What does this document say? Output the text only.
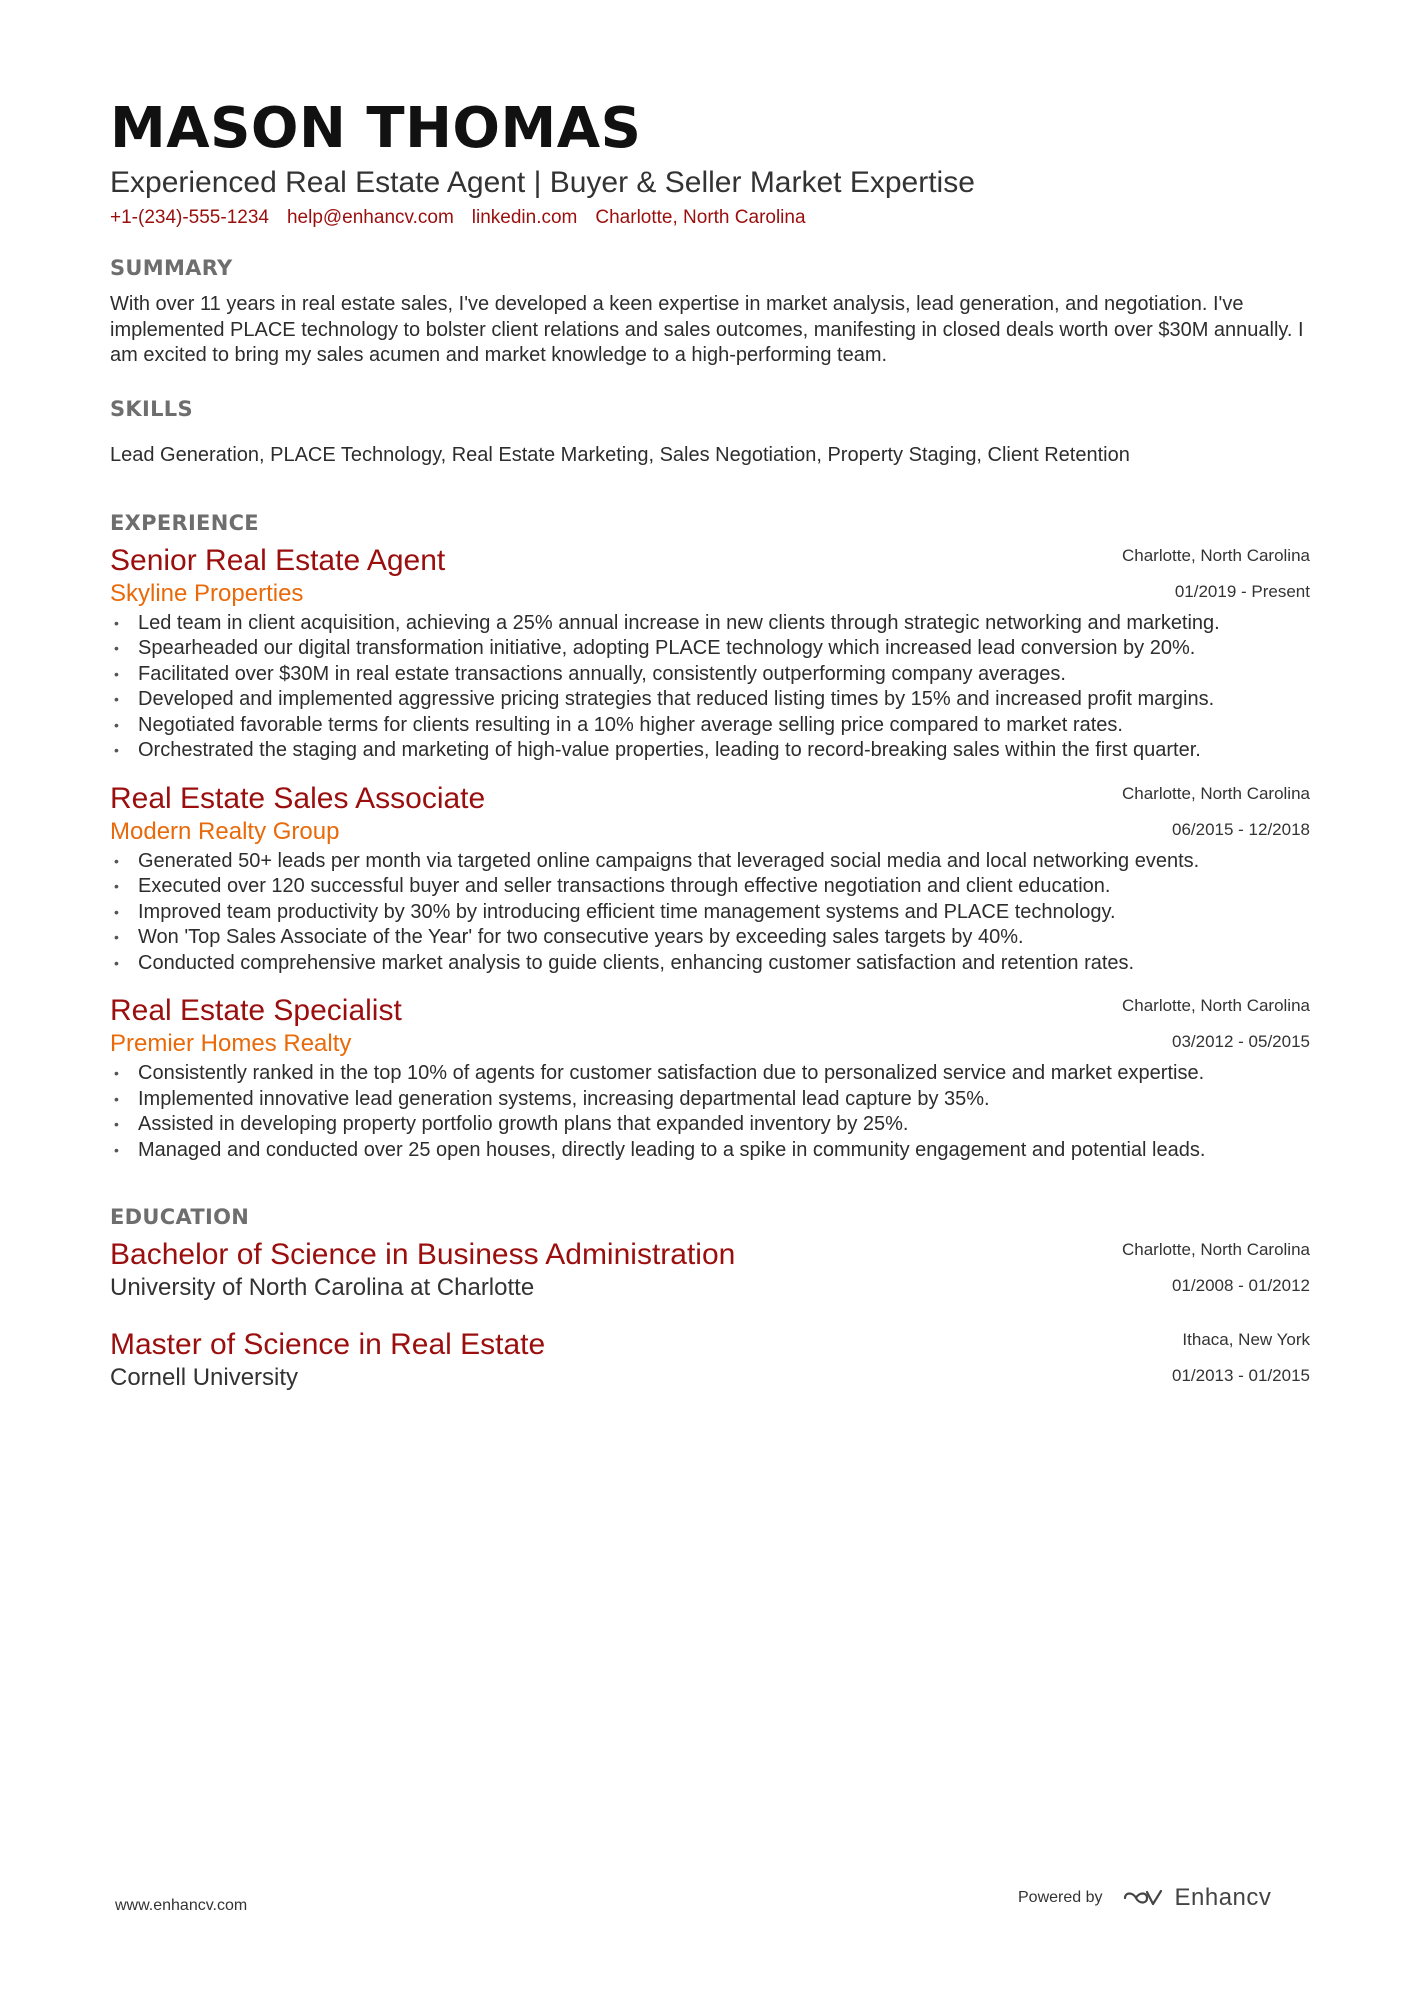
MASON THOMAS
Experienced Real Estate Agent | Buyer & Seller Market Expertise
+1-(234)-555-1234 help@enhancv.com linkedin.com Charlotte, North Carolina
SUMMARY

With over 11 years in real estate sales, I've developed a keen expertise in market analysis, lead generation, and negotiation. I've implemented PLACE technology to bolster client relations and sales outcomes, manifesting in closed deals worth over $30M annually. I am excited to bring my sales acumen and market knowledge to a high-performing team.

SKILLS

Lead Generation, PLACE Technology, Real Estate Marketing, Sales Negotiation, Property Staging, Client Retention

EXPERIENCE
Senior Real Estate Agent
Skyline Properties
Charlotte, North Carolina
01/2019 - Present
• Led team in client acquisition, achieving a 25% annual increase in new clients through strategic networking and marketing.
• Spearheaded our digital transformation initiative, adopting PLACE technology which increased lead conversion by 20%.
• Facilitated over $30M in real estate transactions annually, consistently outperforming company averages.
• Developed and implemented aggressive pricing strategies that reduced listing times by 15% and increased profit margins.
• Negotiated favorable terms for clients resulting in a 10% higher average selling price compared to market rates.
• Orchestrated the staging and marketing of high-value properties, leading to record-breaking sales within the first quarter.
Real Estate Sales Associate
Modern Realty Group
Charlotte, North Carolina
06/2015 - 12/2018
• Generated 50+ leads per month via targeted online campaigns that leveraged social media and local networking events.
• Executed over 120 successful buyer and seller transactions through effective negotiation and client education.
• Improved team productivity by 30% by introducing efficient time management systems and PLACE technology.
• Won 'Top Sales Associate of the Year' for two consecutive years by exceeding sales targets by 40%.
• Conducted comprehensive market analysis to guide clients, enhancing customer satisfaction and retention rates.
Real Estate Specialist
Premier Homes Realty
Charlotte, North Carolina
03/2012 - 05/2015
• Consistently ranked in the top 10% of agents for customer satisfaction due to personalized service and market expertise.
• Implemented innovative lead generation systems, increasing departmental lead capture by 35%.
• Assisted in developing property portfolio growth plans that expanded inventory by 25%.
• Managed and conducted over 25 open houses, directly leading to a spike in community engagement and potential leads.
EDUCATION
Bachelor of Science in Business Administration
University of North Carolina at Charlotte
Charlotte, North Carolina
01/2008 - 01/2012
Master of Science in Real Estate
Cornell University
Ithaca, New York
01/2013 - 01/2015
www.enhancv.com	Powered by	Enhancv
